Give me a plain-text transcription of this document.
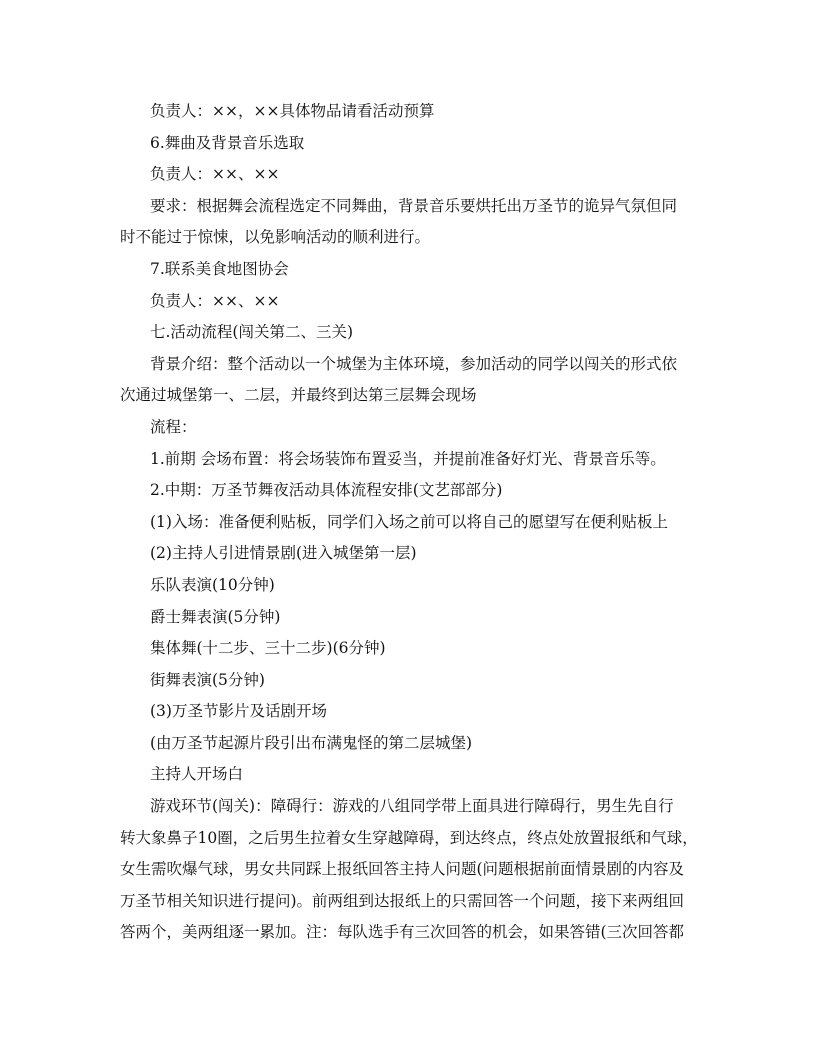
负责人：××，××具体物品请看活动预算
6.舞曲及背景音乐选取
负责人：××、××
要求：根据舞会流程选定不同舞曲，背景音乐要烘托出万圣节的诡异气氛但同
时不能过于惊悚，以免影响活动的顺利进行。
7.联系美食地图协会
负责人：××、××
七.活动流程(闯关第二、三关)
背景介绍：整个活动以一个城堡为主体环境，参加活动的同学以闯关的形式依
次通过城堡第一、二层，并最终到达第三层舞会现场
流程：
1.前期 会场布置：将会场装饰布置妥当，并提前准备好灯光、背景音乐等。
2.中期：万圣节舞夜活动具体流程安排(文艺部部分)
(1)入场：准备便利贴板，同学们入场之前可以将自己的愿望写在便利贴板上
(2)主持人引进情景剧(进入城堡第一层)
乐队表演(10分钟)
爵士舞表演(5分钟)
集体舞(十二步、三十二步)(6分钟)
街舞表演(5分钟)
(3)万圣节影片及话剧开场
(由万圣节起源片段引出布满鬼怪的第二层城堡)
主持人开场白
游戏环节(闯关)：障碍行：游戏的八组同学带上面具进行障碍行，男生先自行
转大象鼻子10圈，之后男生拉着女生穿越障碍，到达终点，终点处放置报纸和气球，
女生需吹爆气球，男女共同踩上报纸回答主持人问题(问题根据前面情景剧的内容及
万圣节相关知识进行提问)。前两组到达报纸上的只需回答一个问题，接下来两组回
答两个，美两组逐一累加。注：每队选手有三次回答的机会，如果答错(三次回答都
